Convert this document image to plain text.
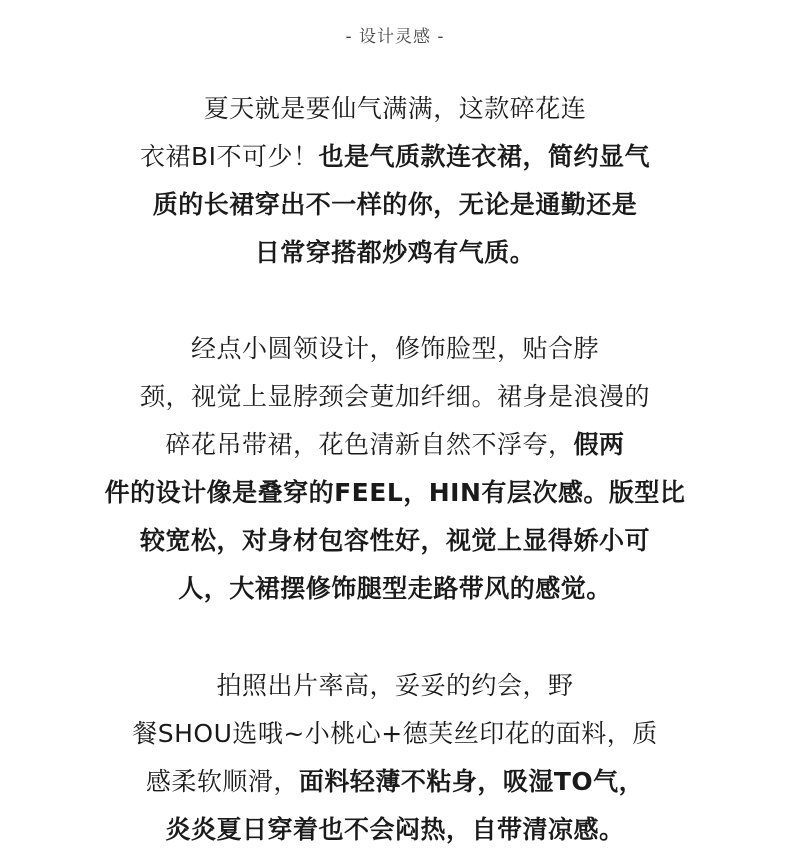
- 设计灵感 -
夏天就是要仙气满满，这款碎花连
衣裙BI不可少！也是气质款连衣裙，简约显气
质的长裙穿出不一样的你，无论是通勤还是
日常穿搭都炒鸡有气质。
经点小圆领设计，修饰脸型，贴合脖
颈，视觉上显脖颈会莄加纤细。裙身是浪漫的
碎花吊带裙，花色清新自然不浮夸，假两
件的设计像是叠穿的FEEL，HIN有层次感。版型比
较宽松，对身材包容性好，视觉上显得娇小可
人，大裙摆修饰腿型走路带风的感觉。
拍照出片率高，妥妥的约会，野
餐SHOU选哦~小桃心+德芙丝印花的面料，质
感柔软顺滑，面料轻薄不粘身，吸湿TO气，
炎炎夏日穿着也不会闷热，自带清凉感。
